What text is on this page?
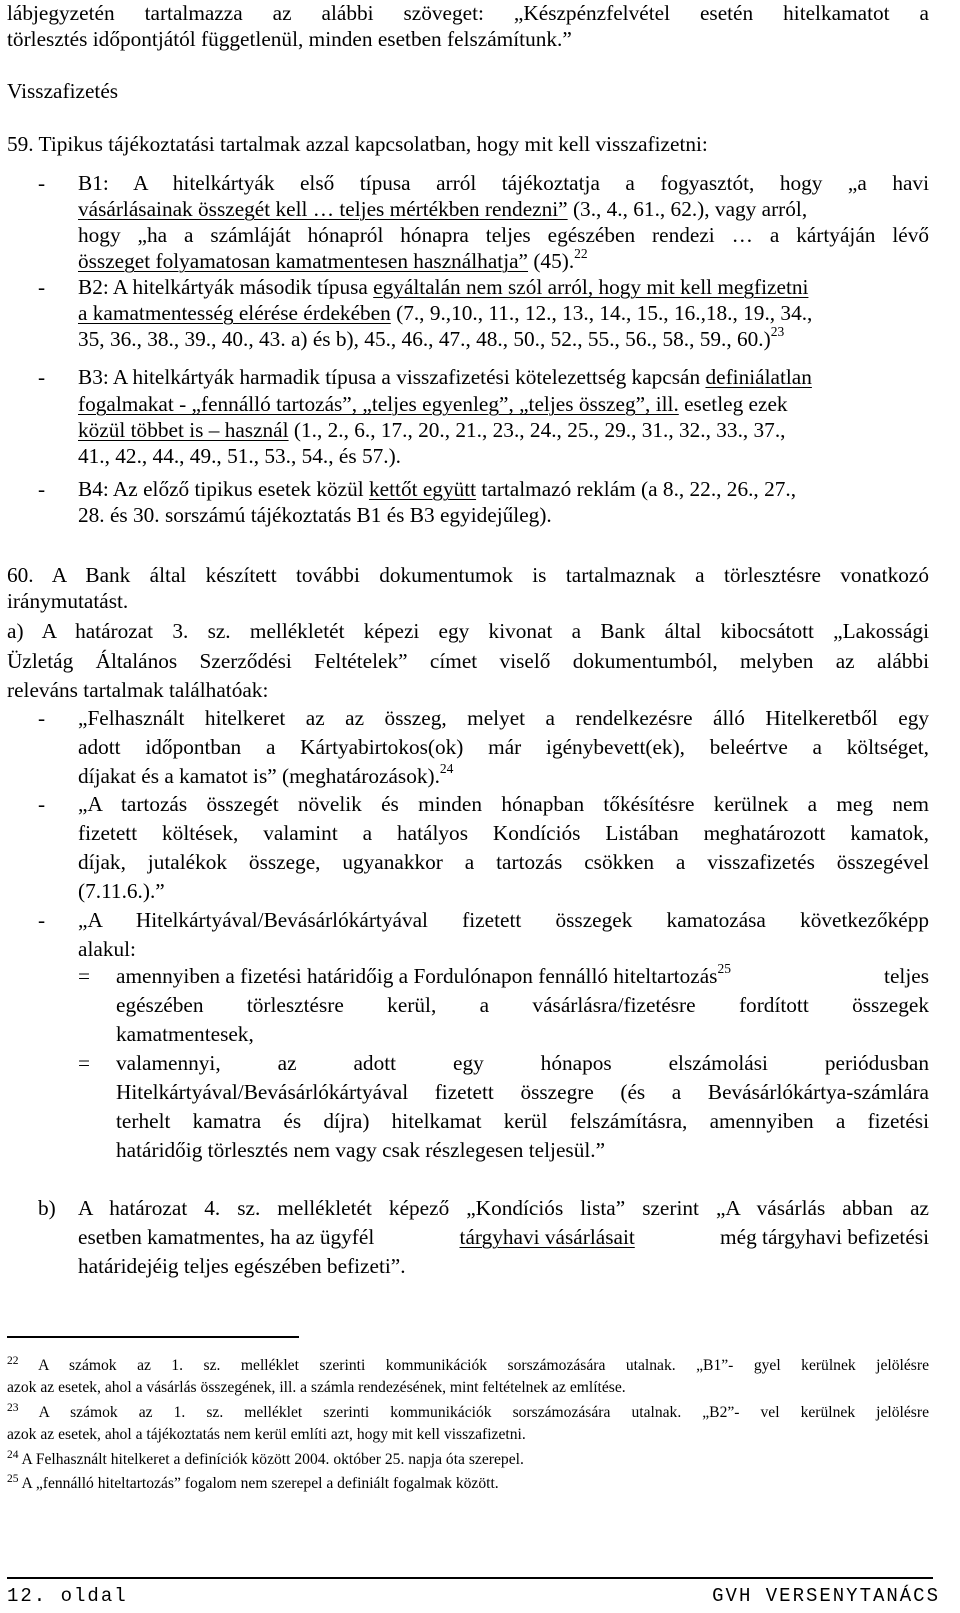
lábjegyzetén tartalmazza az alábbi szöveget: „Készpénzfelvétel esetén hitelkamatot a
törlesztés időpontjától függetlenül, minden esetben felszámítunk.”
Visszafizetés
59. Tipikus tájékoztatási tartalmak azzal kapcsolatban, hogy mit kell visszafizetni:
- B1: A hitelkártyák első típusa arról tájékoztatja a fogyasztót, hogy „a havi
vásárlásainak összegét kell … teljes mértékben rendezni” (3., 4., 61., 62.), vagy arról,
hogy „ha a számláját hónapról hónapra teljes egészében rendezi … a kártyáján lévő
összeget folyamatosan kamatmentesen használhatja” (45).$^{22}$
- B2: A hitelkártyák második típusa egyáltalán nem szól arról, hogy mit kell megfizetni
a kamatmentesség elérése érdekében (7., 9.,10., 11., 12., 13., 14., 15., 16.,18., 19., 34.,
35, 36., 38., 39., 40., 43. a) és b), 45., 46., 47., 48., 50., 52., 55., 56., 58., 59., 60.)$^{23}$
- B3: A hitelkártyák harmadik típusa a visszafizetési kötelezettség kapcsán definiálatlan
fogalmakat - „fennálló tartozás”, „teljes egyenleg”, „teljes összeg”, ill. esetleg ezek
közül többet is – használ (1., 2., 6., 17., 20., 21., 23., 24., 25., 29., 31., 32., 33., 37.,
41., 42., 44., 49., 51., 53., 54., és 57.).
- B4: Az előző tipikus esetek közül kettőt együtt tartalmazó reklám (a 8., 22., 26., 27.,
28. és 30. sorszámú tájékoztatás B1 és B3 egyidejűleg).
60. A Bank által készített további dokumentumok is tartalmaznak a törlesztésre vonatkozó
iránymutatást.
a) A határozat 3. sz. mellékletét képezi egy kivonat a Bank által kibocsátott „Lakossági
Üzletág Általános Szerződési Feltételek” címet viselő dokumentumból, melyben az alábbi
releváns tartalmak találhatóak:
- „Felhasznált hitelkeret az az összeg, melyet a rendelkezésre álló Hitelkeretből egy
adott időpontban a Kártyabirtokos(ok) már igénybevett(ek), beleértve a költséget,
díjakat és a kamatot is” (meghatározások).$^{24}$
- „A tartozás összegét növelik és minden hónapban tőkésítésre kerülnek a meg nem
fizetett költések, valamint a hatályos Kondíciós Listában meghatározott kamatok,
díjak, jutalékok összege, ugyanakkor a tartozás csökken a visszafizetés összegével
(7.11.6.).”
- „A Hitelkártyával/Bevásárlókártyával fizetett összegek kamatozása következőképp
alakul:
= amennyiben a fizetési határidőig a Fordulónapon fennálló hiteltartozás$^{25}$	teljes
egészében törlesztésre kerül, a vásárlásra/fizetésre fordított összegek
kamatmentesek,
= valamennyi, az adott egy hónapos elszámolási periódusban
Hitelkártyával/Bevásárlókártyával fizetett összegre (és a Bevásárlókártya-számlára
terhelt kamatra és díjra) hitelkamat kerül felszámításra, amennyiben a fizetési
határidőig törlesztés nem vagy csak részlegesen teljesül.”
b) A határozat 4. sz. mellékletét képező „Kondíciós lista” szerint „A vásárlás abban az
esetben kamatmentes, ha az ügyfél	tárgyhavi vásárlásait	még tárgyhavi befizetési
határidejéig teljes egészében befizeti”.
$^{22}$ A számok az 1. sz. melléklet szerinti kommunikációk sorszámozására utalnak. „B1”- gyel kerülnek jelölésre
azok az esetek, ahol a vásárlás összegének, ill. a számla rendezésének, mint feltételnek az említése.
$^{23}$ A számok az 1. sz. melléklet szerinti kommunikációk sorszámozására utalnak. „B2”- vel kerülnek jelölésre
azok az esetek, ahol a tájékoztatás nem kerül említi azt, hogy mit kell visszafizetni.
$^{24}$ A Felhasznált hitelkeret a definíciók között 2004. október 25. napja óta szerepel.
$^{25}$ A „fennálló hiteltartozás” fogalom nem szerepel a definiált fogalmak között.
12. oldal	GVH VERSENYTANÁCS
